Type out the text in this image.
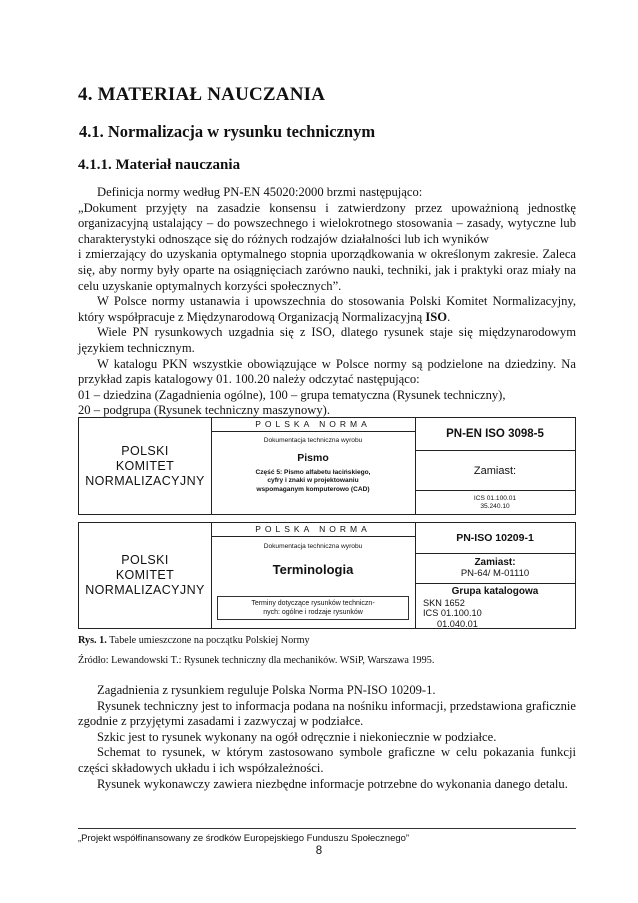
4. MATERIAŁ NAUCZANIA
4.1. Normalizacja w rysunku technicznym
4.1.1. Materiał nauczania

Definicja normy według PN-EN 45020:2000 brzmi następująco:

„Dokument przyjęty na zasadzie konsensu i zatwierdzony przez upoważnioną jednostkę organizacyjną ustalający – do powszechnego i wielokrotnego stosowania – zasady, wytyczne lub charakterystyki odnoszące się do różnych rodzajów działalności lub ich wyników

i zmierzający do uzyskania optymalnego stopnia uporządkowania w określonym zakresie. Zaleca się, aby normy były oparte na osiągnięciach zarówno nauki, techniki, jak i praktyki oraz miały na celu uzyskanie optymalnych korzyści społecznych”.

W Polsce normy ustanawia i upowszechnia do stosowania Polski Komitet Normalizacyjny, który współpracuje z Międzynarodową Organizacją Normalizacyjną ISO.

Wiele PN rysunkowych uzgadnia się z ISO, dlatego rysunek staje się międzynarodowym językiem technicznym.

W katalogu PKN wszystkie obowiązujące w Polsce normy są podzielone na dziedziny. Na przykład zapis katalogowy 01. 100.20 należy odczytać następująco:

01 – dziedzina (Zagadnienia ogólne), 100 – grupa tematyczna (Rysunek techniczny),

20 – podgrupa (Rysunek techniczny maszynowy).

POLSKI
KOMITET
NORMALIZACYJNY
POLSKA NORMA
Dokumentacja techniczna wyrobu
Pismo
Część 5: Pismo alfabetu łacińskiego,
cyfry i znaki w projektowaniu
wspomaganym komputerowo (CAD)
PN-EN ISO 3098-5
Zamiast:
ICS 01.100.01
35.240.10
POLSKI
KOMITET
NORMALIZACYJNY
POLSKA NORMA
Dokumentacja techniczna wyrobu
Terminologia
Terminy dotyczące rysunków techniczn-
nych: ogólne i rodzaje rysunków
PN-ISO 10209-1
Zamiast:
PN-64/ M-01110
Grupa katalogowa
SKN 1652
ICS 01.100.10
01.040.01
Rys. 1. Tabele umieszczone na początku Polskiej Normy
Źródło: Lewandowski T.: Rysunek techniczny dla mechaników. WSiP, Warszawa 1995.

Zagadnienia z rysunkiem reguluje Polska Norma PN-ISO 10209-1.

Rysunek techniczny jest to informacja podana na nośniku informacji, przedstawiona graficznie zgodnie z przyjętymi zasadami i zazwyczaj w podziałce.

Szkic jest to rysunek wykonany na ogół odręcznie i niekoniecznie w podziałce.

Schemat to rysunek, w którym zastosowano symbole graficzne w celu pokazania funkcji części składowych układu i ich współzależności.

Rysunek wykonawczy zawiera niezbędne informacje potrzebne do wykonania danego detalu.

„Projekt współfinansowany ze środków Europejskiego Funduszu Społecznego”
8
